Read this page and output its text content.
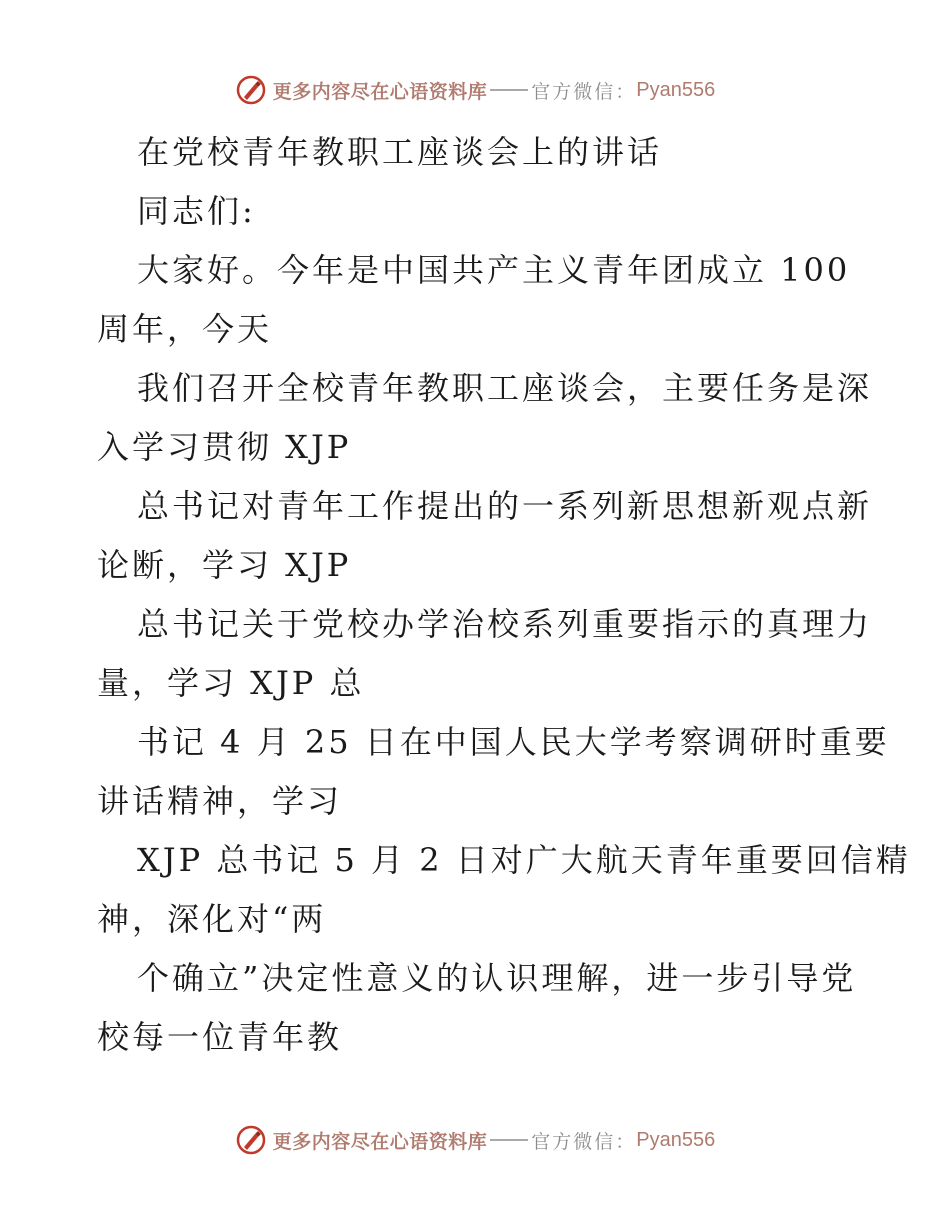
更多内容尽在心语资料库 官方微信： Pyan556
在党校青年教职工座谈会上的讲话
同志们:
大家好。今年是中国共产主义青年团成立 100
周年，今天
我们召开全校青年教职工座谈会，主要任务是深
入学习贯彻 XJP
总书记对青年工作提出的一系列新思想新观点新
论断，学习 XJP
总书记关于党校办学治校系列重要指示的真理力
量，学习 XJP 总
书记 4 月 25 日在中国人民大学考察调研时重要
讲话精神，学习
XJP 总书记 5 月 2 日对广大航天青年重要回信精
神，深化对“两
个确立”决定性意义的认识理解，进一步引导党
校每一位青年教
更多内容尽在心语资料库 官方微信： Pyan556
